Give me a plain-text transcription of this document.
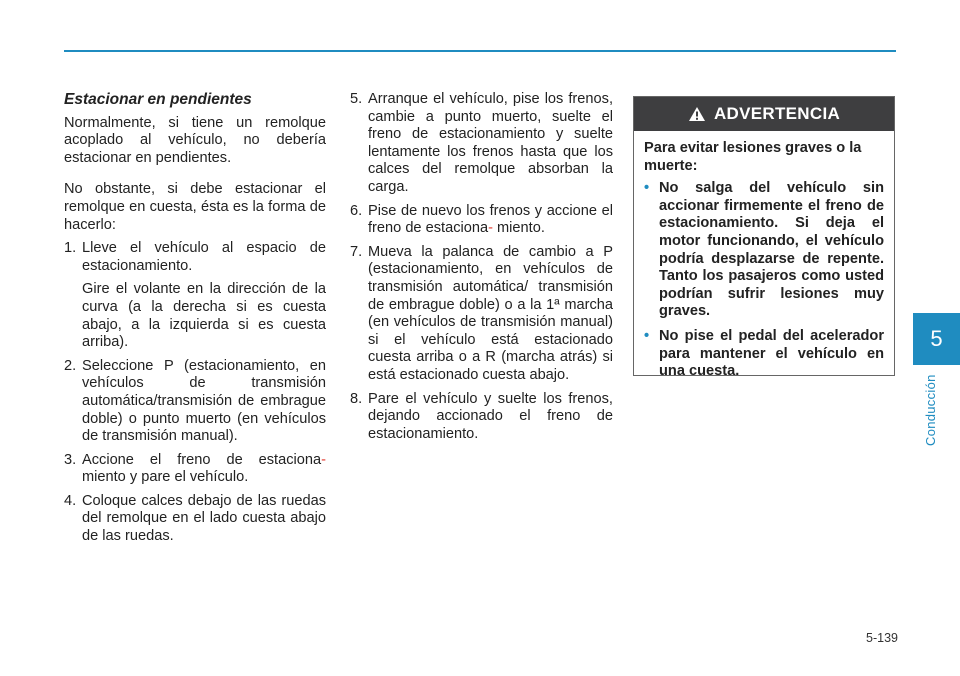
Estacionar en pendientes

Normalmente, si tiene un remolque acoplado al vehículo, no debería estacionar en pendientes.

No obstante, si debe estacionar el remolque en cuesta, ésta es la forma de hacerlo:

1. Lleve el vehículo al espacio de estacionamiento.
Gire el volante en la dirección de la curva (a la derecha si es cuesta abajo, a la izquierda si es cuesta arriba).
2. Seleccione P (estacionamiento, en vehículos de transmisión automática/transmisión de embrague doble) o punto muerto (en vehículos de transmisión manual).
3. Accione el freno de estaciona- miento y pare el vehículo.
4. Coloque calces debajo de las ruedas del remolque en el lado cuesta abajo de las ruedas.
5. Arranque el vehículo, pise los frenos, cambie a punto muerto, suelte el freno de estacionamiento y suelte lentamente los frenos hasta que los calces del remolque absorban la carga.
6. Pise de nuevo los frenos y accione el freno de estaciona- miento.
7. Mueva la palanca de cambio a P (estacionamiento, en vehículos de transmisión automática/ transmisión de embrague doble) o a la 1ª marcha (en vehículos de transmisión manual) si el vehículo está estacionado cuesta arriba o a R (marcha atrás) si está estacionado cuesta abajo.
8. Pare el vehículo y suelte los frenos, dejando accionado el freno de estacionamiento.
ADVERTENCIA
Para evitar lesiones graves o la muerte:
• No salga del vehículo sin accionar firmemente el freno de estacionamiento. Si deja el motor funcionando, el vehículo podría desplazarse de repente. Tanto los pasajeros como usted podrían sufrir lesiones muy graves.
• No pise el pedal del acelerador para mantener el vehículo en una cuesta.
5
Conducción
5-139
